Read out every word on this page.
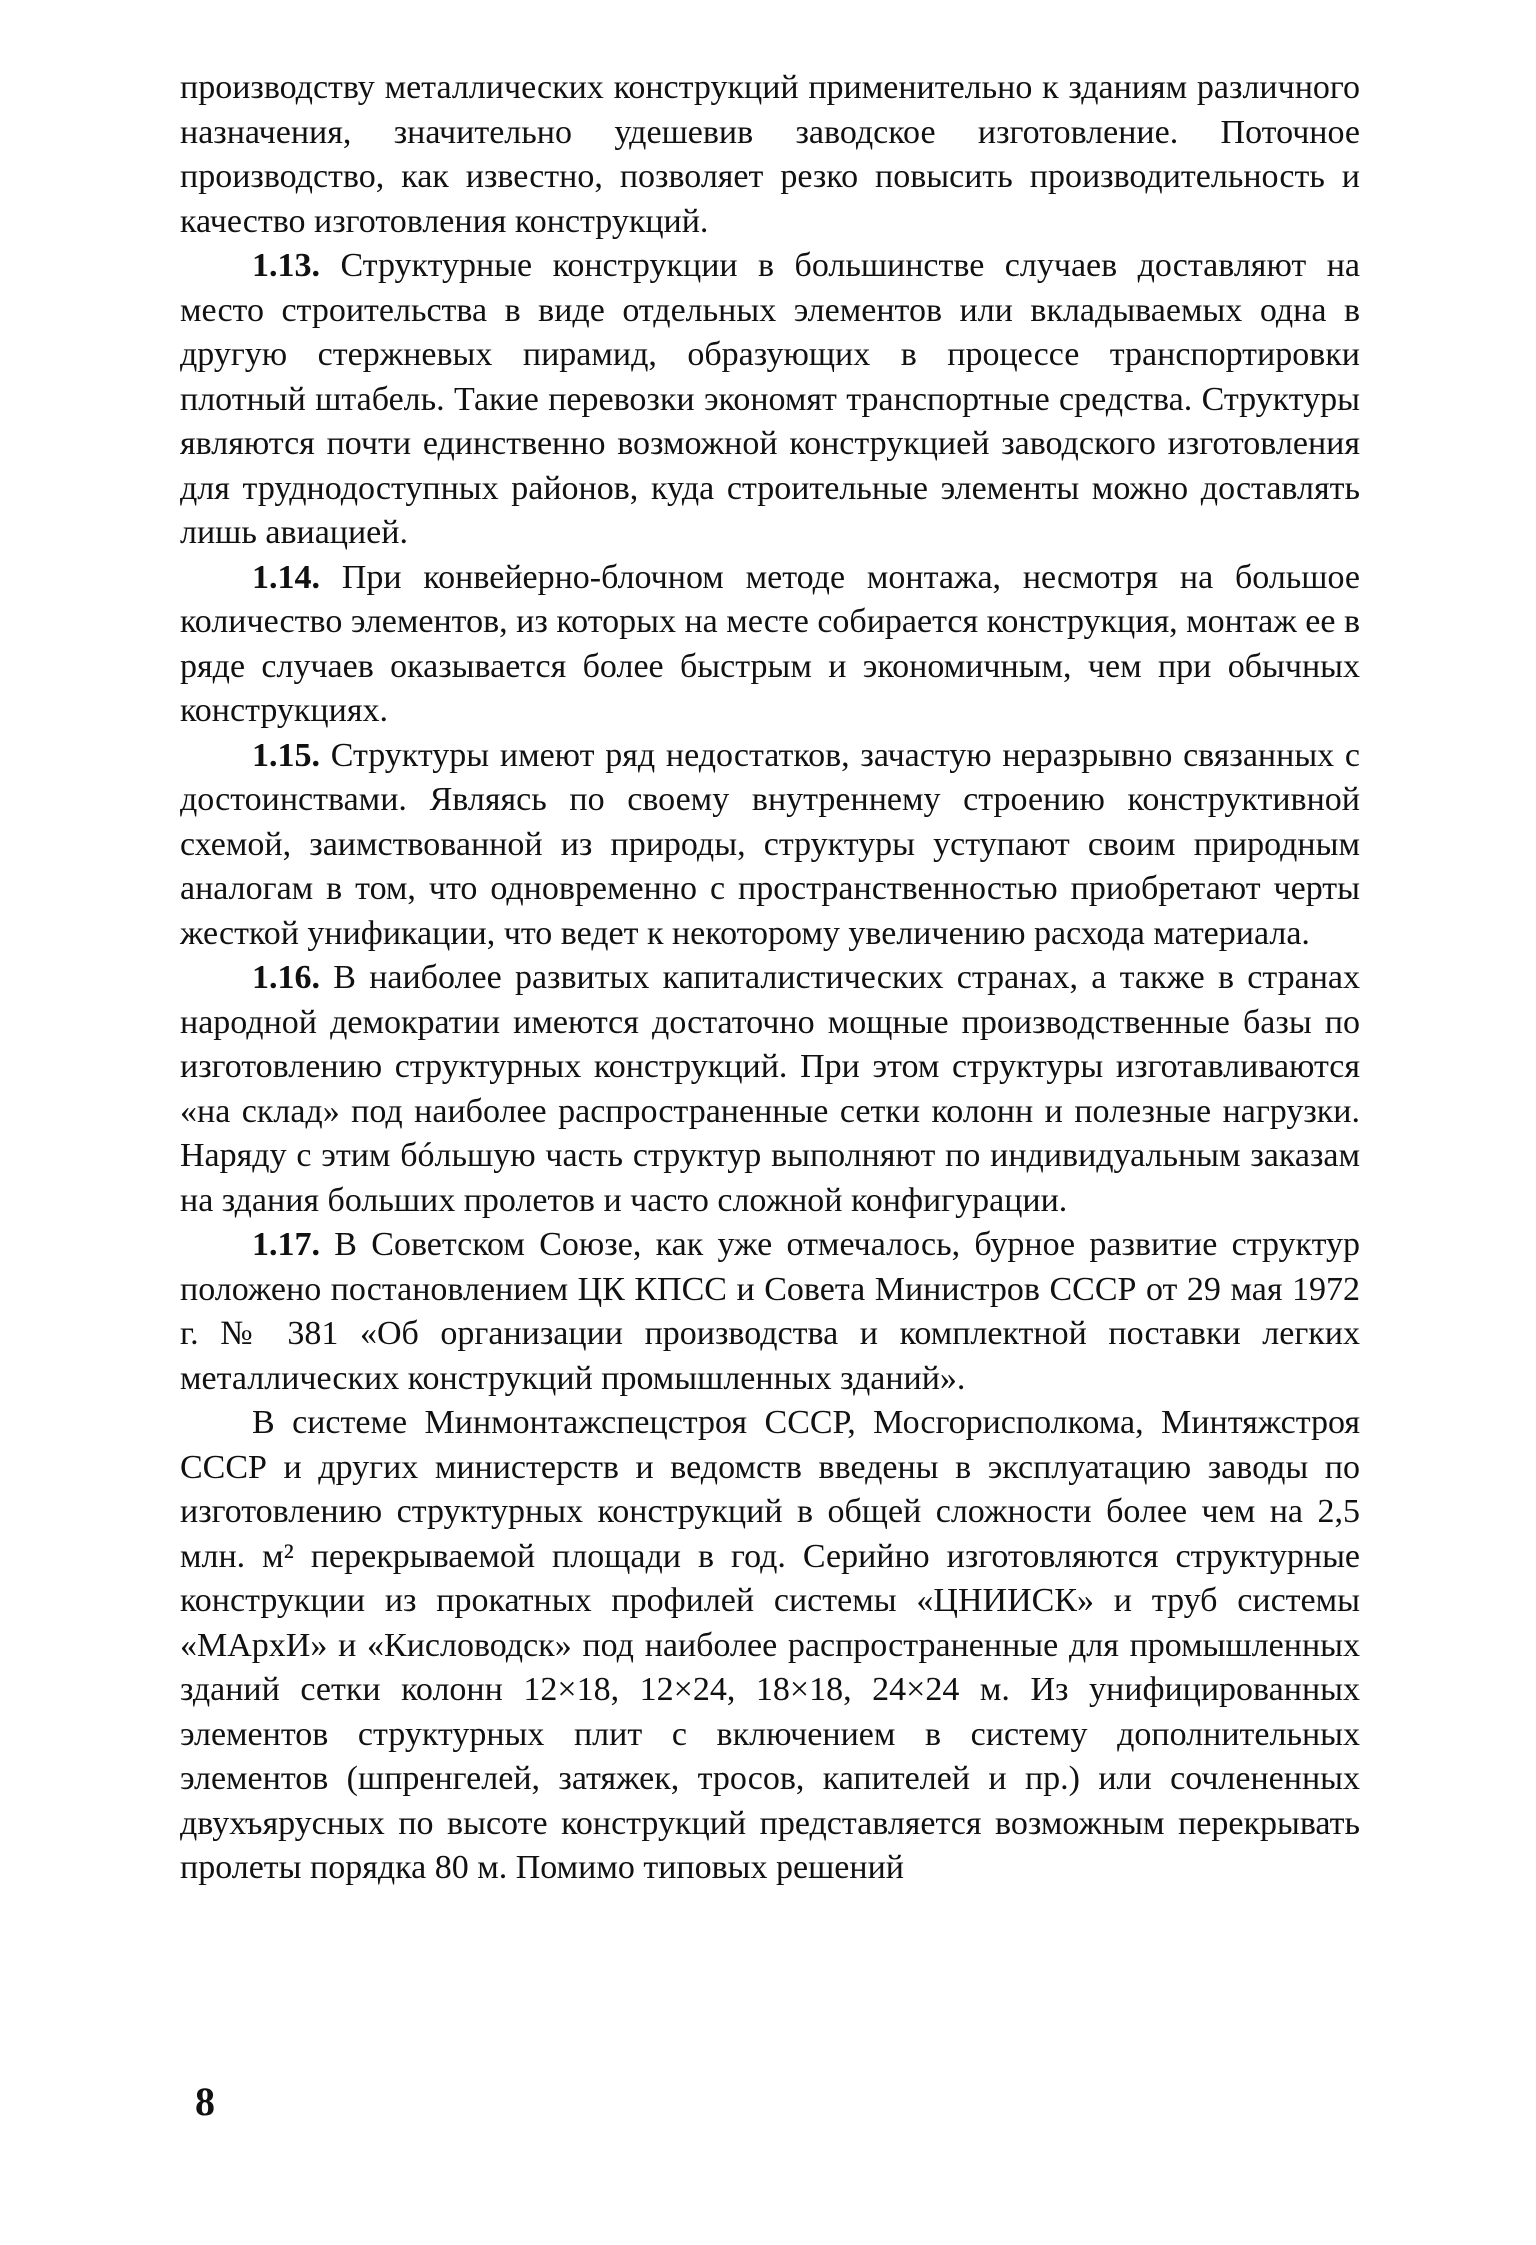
производству металлических конструкций применительно к зданиям различного назначения, значительно удешевив заводское изготовление. Поточное производство, как известно, позволяет резко повысить производительность и качество изготовления конструкций.

1.13. Структурные конструкции в большинстве случаев доставляют на место строительства в виде отдельных элементов или вкладываемых одна в другую стержневых пирамид, образующих в процессе транспортировки плотный штабель. Такие перевозки экономят транспортные средства. Структуры являются почти единственно возможной конструкцией заводского изготовления для труднодоступных районов, куда строительные элементы можно доставлять лишь авиацией.

1.14. При конвейерно-блочном методе монтажа, несмотря на большое количество элементов, из которых на месте собирается конструкция, монтаж ее в ряде случаев оказывается более быстрым и экономичным, чем при обычных конструкциях.

1.15. Структуры имеют ряд недостатков, зачастую неразрывно связанных с достоинствами. Являясь по своему внутреннему строению конструктивной схемой, заимствованной из природы, структуры уступают своим природным аналогам в том, что одновременно с пространственностью приобретают черты жесткой унификации, что ведет к некоторому увеличению расхода материала.

1.16. В наиболее развитых капиталистических странах, а также в странах народной демократии имеются достаточно мощные производственные базы по изготовлению структурных конструкций. При этом структуры изготавливаются «на склад» под наиболее распространенные сетки колонн и полезные нагрузки. Наряду с этим бóльшую часть структур выполняют по индивидуальным заказам на здания больших пролетов и часто сложной конфигурации.

1.17. В Советском Союзе, как уже отмечалось, бурное развитие структур положено постановлением ЦК КПСС и Совета Министров СССР от 29 мая 1972 г. № 381 «Об организации производства и комплектной поставки легких металлических конструкций промышленных зданий».

В системе Минмонтажспецстроя СССР, Мосгорисполкома, Минтяжстроя СССР и других министерств и ведомств введены в эксплуатацию заводы по изготовлению структурных конструкций в общей сложности более чем на 2,5 млн. м² перекрываемой площади в год. Серийно изготовляются структурные конструкции из прокатных профилей системы «ЦНИИСК» и труб системы «МАрхИ» и «Кисловодск» под наиболее распространенные для промышленных зданий сетки колонн 12×18, 12×24, 18×18, 24×24 м. Из унифицированных элементов структурных плит с включением в систему дополнительных элементов (шпренгелей, затяжек, тросов, капителей и пр.) или сочлененных двухъярусных по высоте конструкций представляется возможным перекрывать пролеты порядка 80 м. Помимо типовых решений

8
